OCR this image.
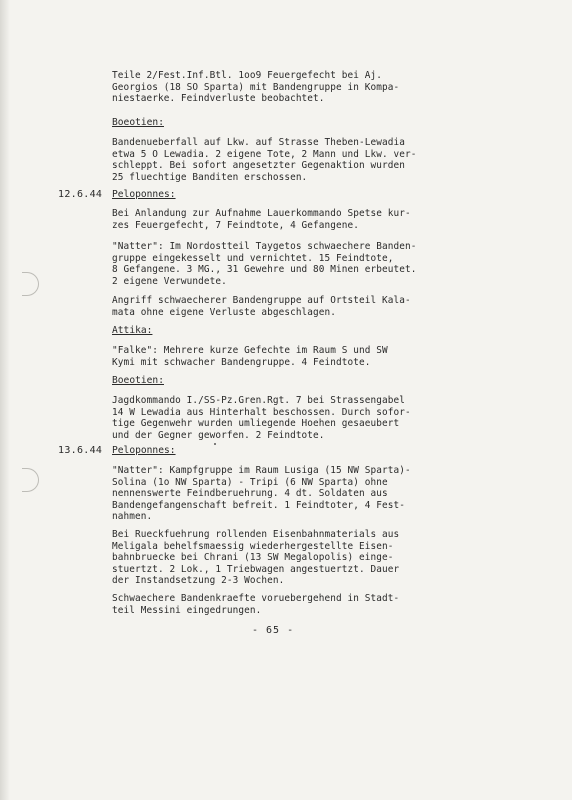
Teile 2/Fest.Inf.Btl. 1oo9 Feuergefecht bei Aj.
Georgios (18 SO Sparta) mit Bandengruppe in Kompa-
niestaerke. Feindverluste beobachtet.
Boeotien:
Bandenueberfall auf Lkw. auf Strasse Theben-Lewadia
etwa 5 O Lewadia. 2 eigene Tote, 2 Mann und Lkw. ver-
schleppt. Bei sofort angesetzter Gegenaktion wurden
25 fluechtige Banditen erschossen.
12.6.44 Peloponnes:
Bei Anlandung zur Aufnahme Lauerkommando Spetse kur-
zes Feuergefecht, 7 Feindtote, 4 Gefangene.
"Natter": Im Nordostteil Taygetos schwaechere Banden-
gruppe eingekesselt und vernichtet. 15 Feindtote,
8 Gefangene. 3 MG., 31 Gewehre und 80 Minen erbeutet.
2 eigene Verwundete.
Angriff schwaecherer Bandengruppe auf Ortsteil Kala-
mata ohne eigene Verluste abgeschlagen.
Attika:
"Falke": Mehrere kurze Gefechte im Raum S und SW
Kymi mit schwacher Bandengruppe. 4 Feindtote.
Boeotien:
Jagdkommando I./SS-Pz.Gren.Rgt. 7 bei Strassengabel
14 W Lewadia aus Hinterhalt beschossen. Durch sofor-
tige Gegenwehr wurden umliegende Hoehen gesaeubert
und der Gegner geworfen. 2 Feindtote.
13.6.44 Peloponnes:
"Natter": Kampfgruppe im Raum Lusiga (15 NW Sparta)-
Solina (1o NW Sparta) - Tripi (6 NW Sparta) ohne
nennenswerte Feindberuehrung. 4 dt. Soldaten aus
Bandengefangenschaft befreit. 1 Feindtoter, 4 Fest-
nahmen.
Bei Rueckfuehrung rollenden Eisenbahnmaterials aus
Meligala behelfsmaessig wiederhergestellte Eisen-
bahnbruecke bei Chrani (13 SW Megalopolis) einge-
stuertzt. 2 Lok., 1 Triebwagen angestuertzt. Dauer
der Instandsetzung 2-3 Wochen.
Schwaechere Bandenkraefte voruebergehend in Stadt-
teil Messini eingedrungen.
- 65 -
